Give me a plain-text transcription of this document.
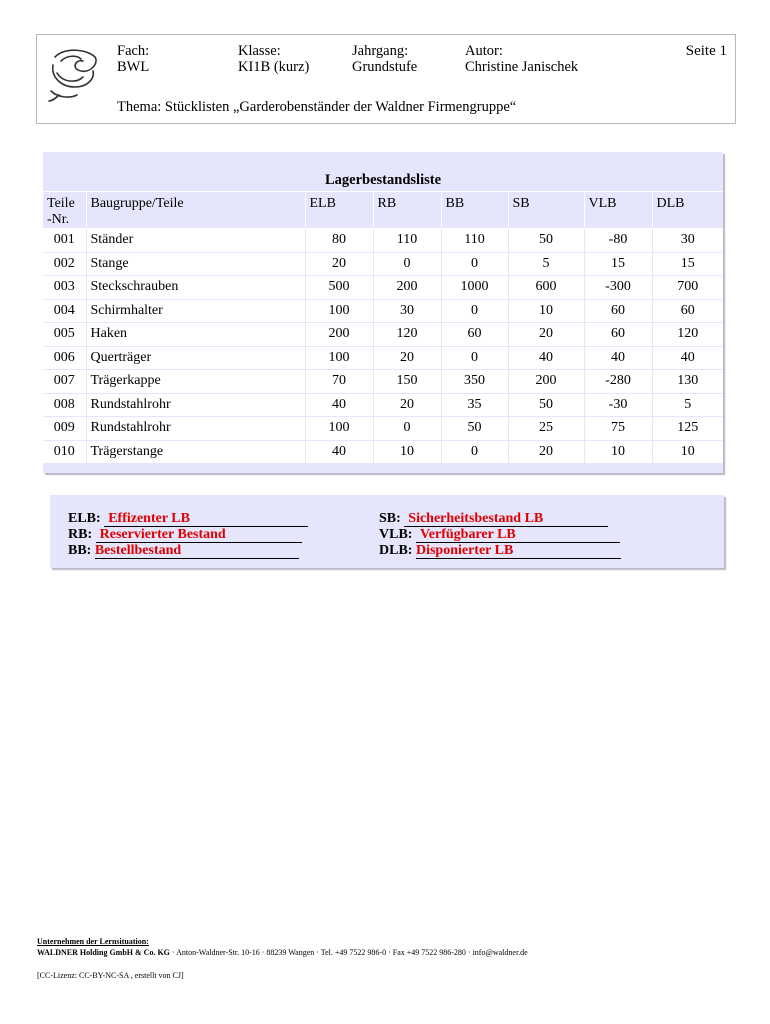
Fach:
BWL
Klasse:
KI1B (kurz)
Jahrgang:
Grundstufe
Autor:
Christine Janischek
Seite 1
Thema: Stücklisten „Garderobenständer der Waldner Firmengruppe“
Lagerbestandsliste
Teile -Nr.	Baugruppe/Teile	ELB	RB	BB	SB	VLB	DLB
001	Ständer	80	110	110	50	-80	30
002	Stange	20	0	0	5	15	15
003	Steckschrauben	500	200	1000	600	-300	700
004	Schirmhalter	100	30	0	10	60	60
005	Haken	200	120	60	20	60	120
006	Querträger	100	20	0	40	40	40
007	Trägerkappe	70	150	350	200	-280	130
008	Rundstahlrohr	40	20	35	50	-30	5
009	Rundstahlrohr	100	0	50	25	75	125
010	Trägerstange	40	10	0	20	10	10
ELB: Effizenter LB
RB: Reservierter Bestand
BB: Bestellbestand
SB: Sicherheitsbestand LB
VLB: Verfügbarer LB
DLB: Disponierter LB
Unternehmen der Lernsituation:
WALDNER Holding GmbH & Co. KG · Anton-Waldner-Str. 10-16 · 88239 Wangen · Tel. +49 7522 986-0 · Fax +49 7522 986-280 · info@waldner.de
[CC-Lizenz: CC-BY-NC-SA , erstellt von CJ]
